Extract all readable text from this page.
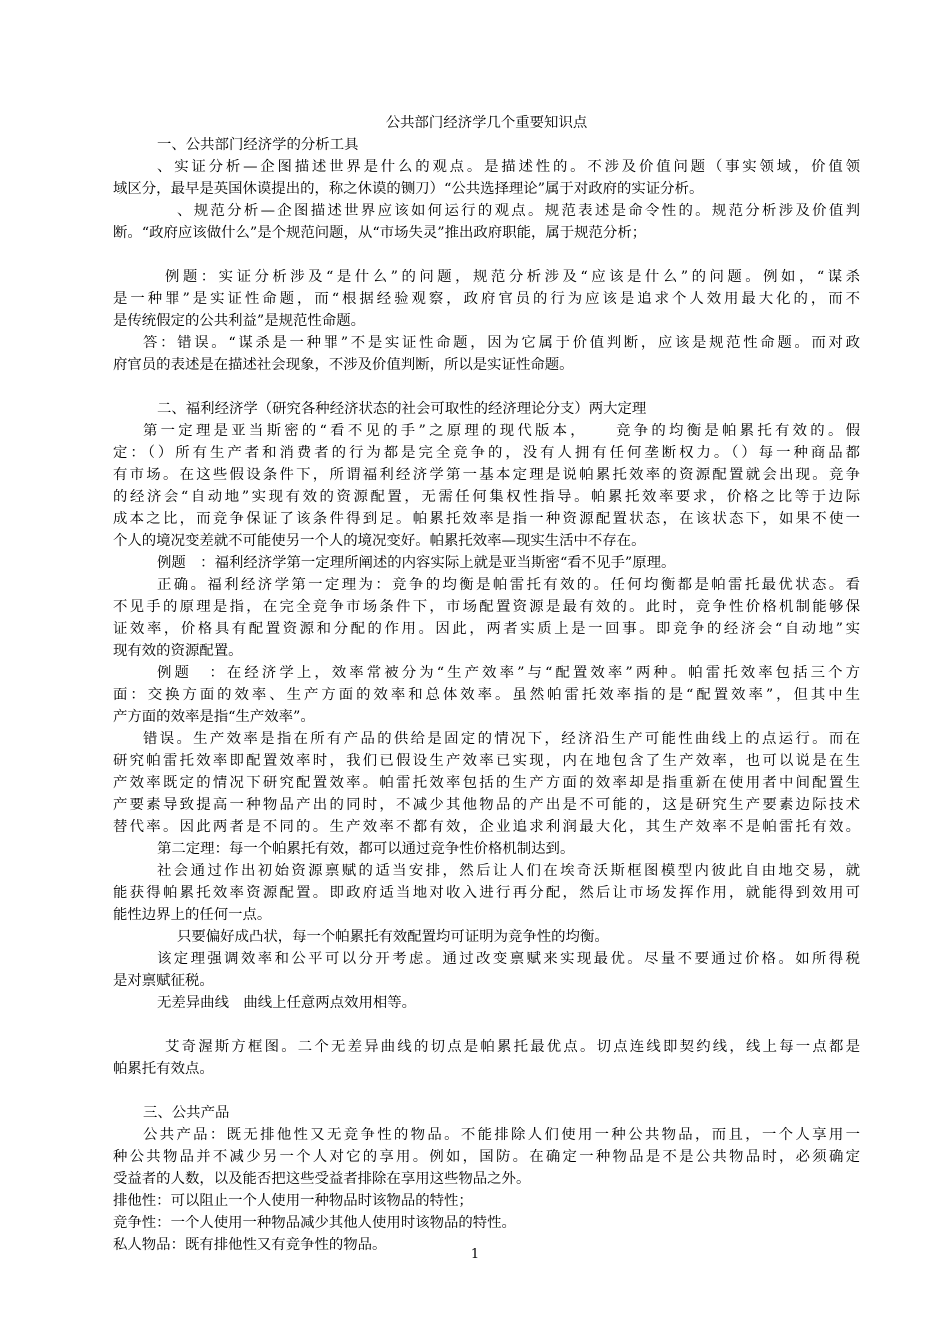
公共部门经济学几个重要知识点

一、公共部门经济学的分析工具

、实证分析—企图描述世界是什么的观点。是描述性的。不涉及价值问题（事实领域，价值领

域区分，最早是英国休谟提出的，称之休谟的铡刀）“公共选择理论”属于对政府的实证分析。

、规范分析—企图描述世界应该如何运行的观点。规范表述是命令性的。规范分析涉及价值判

断。“政府应该做什么”是个规范问题，从“市场失灵”推出政府职能，属于规范分析；

例题：实证分析涉及“是什么”的问题，规范分析涉及“应该是什么”的问题。例如，“谋杀

是一种罪”是实证性命题，而“根据经验观察，政府官员的行为应该是追求个人效用最大化的，而不

是传统假定的公共利益”是规范性命题。

答：错误。“谋杀是一种罪”不是实证性命题，因为它属于价值判断，应该是规范性命题。而对政

府官员的表述是在描述社会现象，不涉及价值判断，所以是实证性命题。

二、福利经济学（研究各种经济状态的社会可取性的经济理论分支）两大定理

第一定理是亚当斯密的“看不见的手”之原理的现代版本，　　竞争的均衡是帕累托有效的。假

定：（）所有生产者和消费者的行为都是完全竞争的，没有人拥有任何垄断权力。（）每一种商品都

有市场。在这些假设条件下，所谓福利经济学第一基本定理是说帕累托效率的资源配置就会出现。竞争

的经济会“自动地”实现有效的资源配置，无需任何集权性指导。帕累托效率要求，价格之比等于边际

成本之比，而竞争保证了该条件得到足。帕累托效率是指一种资源配置状态，在该状态下，如果不使一

个人的境况变差就不可能使另一个人的境况变好。帕累托效率—现实生活中不存在。

例题　：福利经济学第一定理所阐述的内容实际上就是亚当斯密“看不见手”原理。

正确。福利经济学第一定理为：竞争的均衡是帕雷托有效的。任何均衡都是帕雷托最优状态。看

不见手的原理是指，在完全竞争市场条件下，市场配置资源是最有效的。此时，竞争性价格机制能够保

证效率，价格具有配置资源和分配的作用。因此，两者实质上是一回事。即竞争的经济会“自动地”实

现有效的资源配置。

例题　：在经济学上，效率常被分为“生产效率”与“配置效率”两种。帕雷托效率包括三个方

面：交换方面的效率、生产方面的效率和总体效率。虽然帕雷托效率指的是“配置效率”，但其中生

产方面的效率是指“生产效率”。

错误。生产效率是指在所有产品的供给是固定的情况下，经济沿生产可能性曲线上的点运行。而在

研究帕雷托效率即配置效率时，我们已假设生产效率已实现，内在地包含了生产效率，也可以说是在生

产效率既定的情况下研究配置效率。帕雷托效率包括的生产方面的效率却是指重新在使用者中间配置生

产要素导致提高一种物品产出的同时，不减少其他物品的产出是不可能的，这是研究生产要素边际技术

替代率。因此两者是不同的。生产效率不都有效，企业追求利润最大化，其生产效率不是帕雷托有效。

第二定理：每一个帕累托有效，都可以通过竞争性价格机制达到。

社会通过作出初始资源禀赋的适当安排，然后让人们在埃奇沃斯框图模型内彼此自由地交易，就

能获得帕累托效率资源配置。即政府适当地对收入进行再分配，然后让市场发挥作用，就能得到效用可

能性边界上的任何一点。

只要偏好成凸状，每一个帕累托有效配置均可证明为竞争性的均衡。

该定理强调效率和公平可以分开考虑。通过改变禀赋来实现最优。尽量不要通过价格。如所得税

是对禀赋征税。

无差异曲线　曲线上任意两点效用相等。

艾奇渥斯方框图。二个无差异曲线的切点是帕累托最优点。切点连线即契约线，线上每一点都是

帕累托有效点。

三、公共产品

公共产品：既无排他性又无竞争性的物品。不能排除人们使用一种公共物品，而且，一个人享用一

种公共物品并不减少另一个人对它的享用。例如，国防。在确定一种物品是不是公共物品时，必须确定

受益者的人数，以及能否把这些受益者排除在享用这些物品之外。

排他性：可以阻止一个人使用一种物品时该物品的特性；

竞争性：一个人使用一种物品减少其他人使用时该物品的特性。

私人物品：既有排他性又有竞争性的物品。

1
